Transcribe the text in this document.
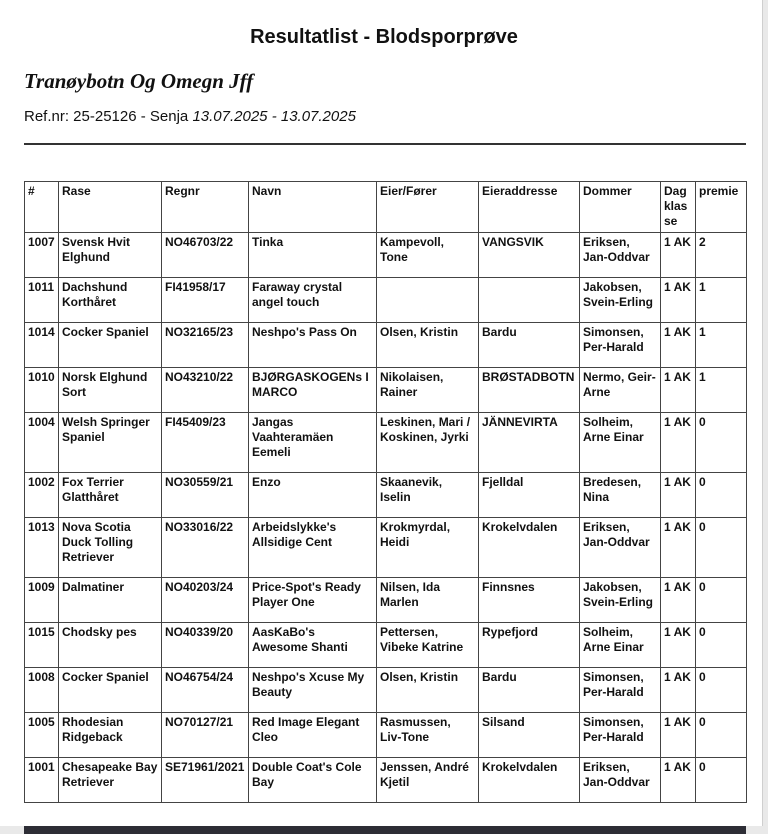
Resultatlist - Blodsporprøve
Tranøybotn Og Omegn Jff
Ref.nr: 25-25126 - Senja 13.07.2025 - 13.07.2025
#	Rase	Regnr	Navn	Eier/Fører	Eieraddresse	Dommer	Dag klasse	premie
1007	Svensk Hvit Elghund	NO46703/22	Tinka	Kampevoll, Tone	VANGSVIK	Eriksen, Jan-Oddvar	1 AK	2
1011	Dachshund Korthåret	FI41958/17	Faraway crystal angel touch			Jakobsen, Svein-Erling	1 AK	1
1014	Cocker Spaniel	NO32165/23	Neshpo's Pass On	Olsen, Kristin	Bardu	Simonsen, Per-Harald	1 AK	1
1010	Norsk Elghund Sort	NO43210/22	BJØRGASKOGENs I MARCO	Nikolaisen, Rainer	BRØSTADBOTN	Nermo, Geir-Arne	1 AK	1
1004	Welsh Springer Spaniel	FI45409/23	Jangas Vaahteramäen Eemeli	Leskinen, Mari / Koskinen, Jyrki	JÄNNEVIRTA	Solheim, Arne Einar	1 AK	0
1002	Fox Terrier Glatthåret	NO30559/21	Enzo	Skaanevik, Iselin	Fjelldal	Bredesen, Nina	1 AK	0
1013	Nova Scotia Duck Tolling Retriever	NO33016/22	Arbeidslykke's Allsidige Cent	Krokmyrdal, Heidi	Krokelvdalen	Eriksen, Jan-Oddvar	1 AK	0
1009	Dalmatiner	NO40203/24	Price-Spot's Ready Player One	Nilsen, Ida Marlen	Finnsnes	Jakobsen, Svein-Erling	1 AK	0
1015	Chodsky pes	NO40339/20	AasKaBo's Awesome Shanti	Pettersen, Vibeke Katrine	Rypefjord	Solheim, Arne Einar	1 AK	0
1008	Cocker Spaniel	NO46754/24	Neshpo's Xcuse My Beauty	Olsen, Kristin	Bardu	Simonsen, Per-Harald	1 AK	0
1005	Rhodesian Ridgeback	NO70127/21	Red Image Elegant Cleo	Rasmussen, Liv-Tone	Silsand	Simonsen, Per-Harald	1 AK	0
1001	Chesapeake Bay Retriever	SE71961/2021	Double Coat's Cole Bay	Jenssen, André Kjetil	Krokelvdalen	Eriksen, Jan-Oddvar	1 AK	0
